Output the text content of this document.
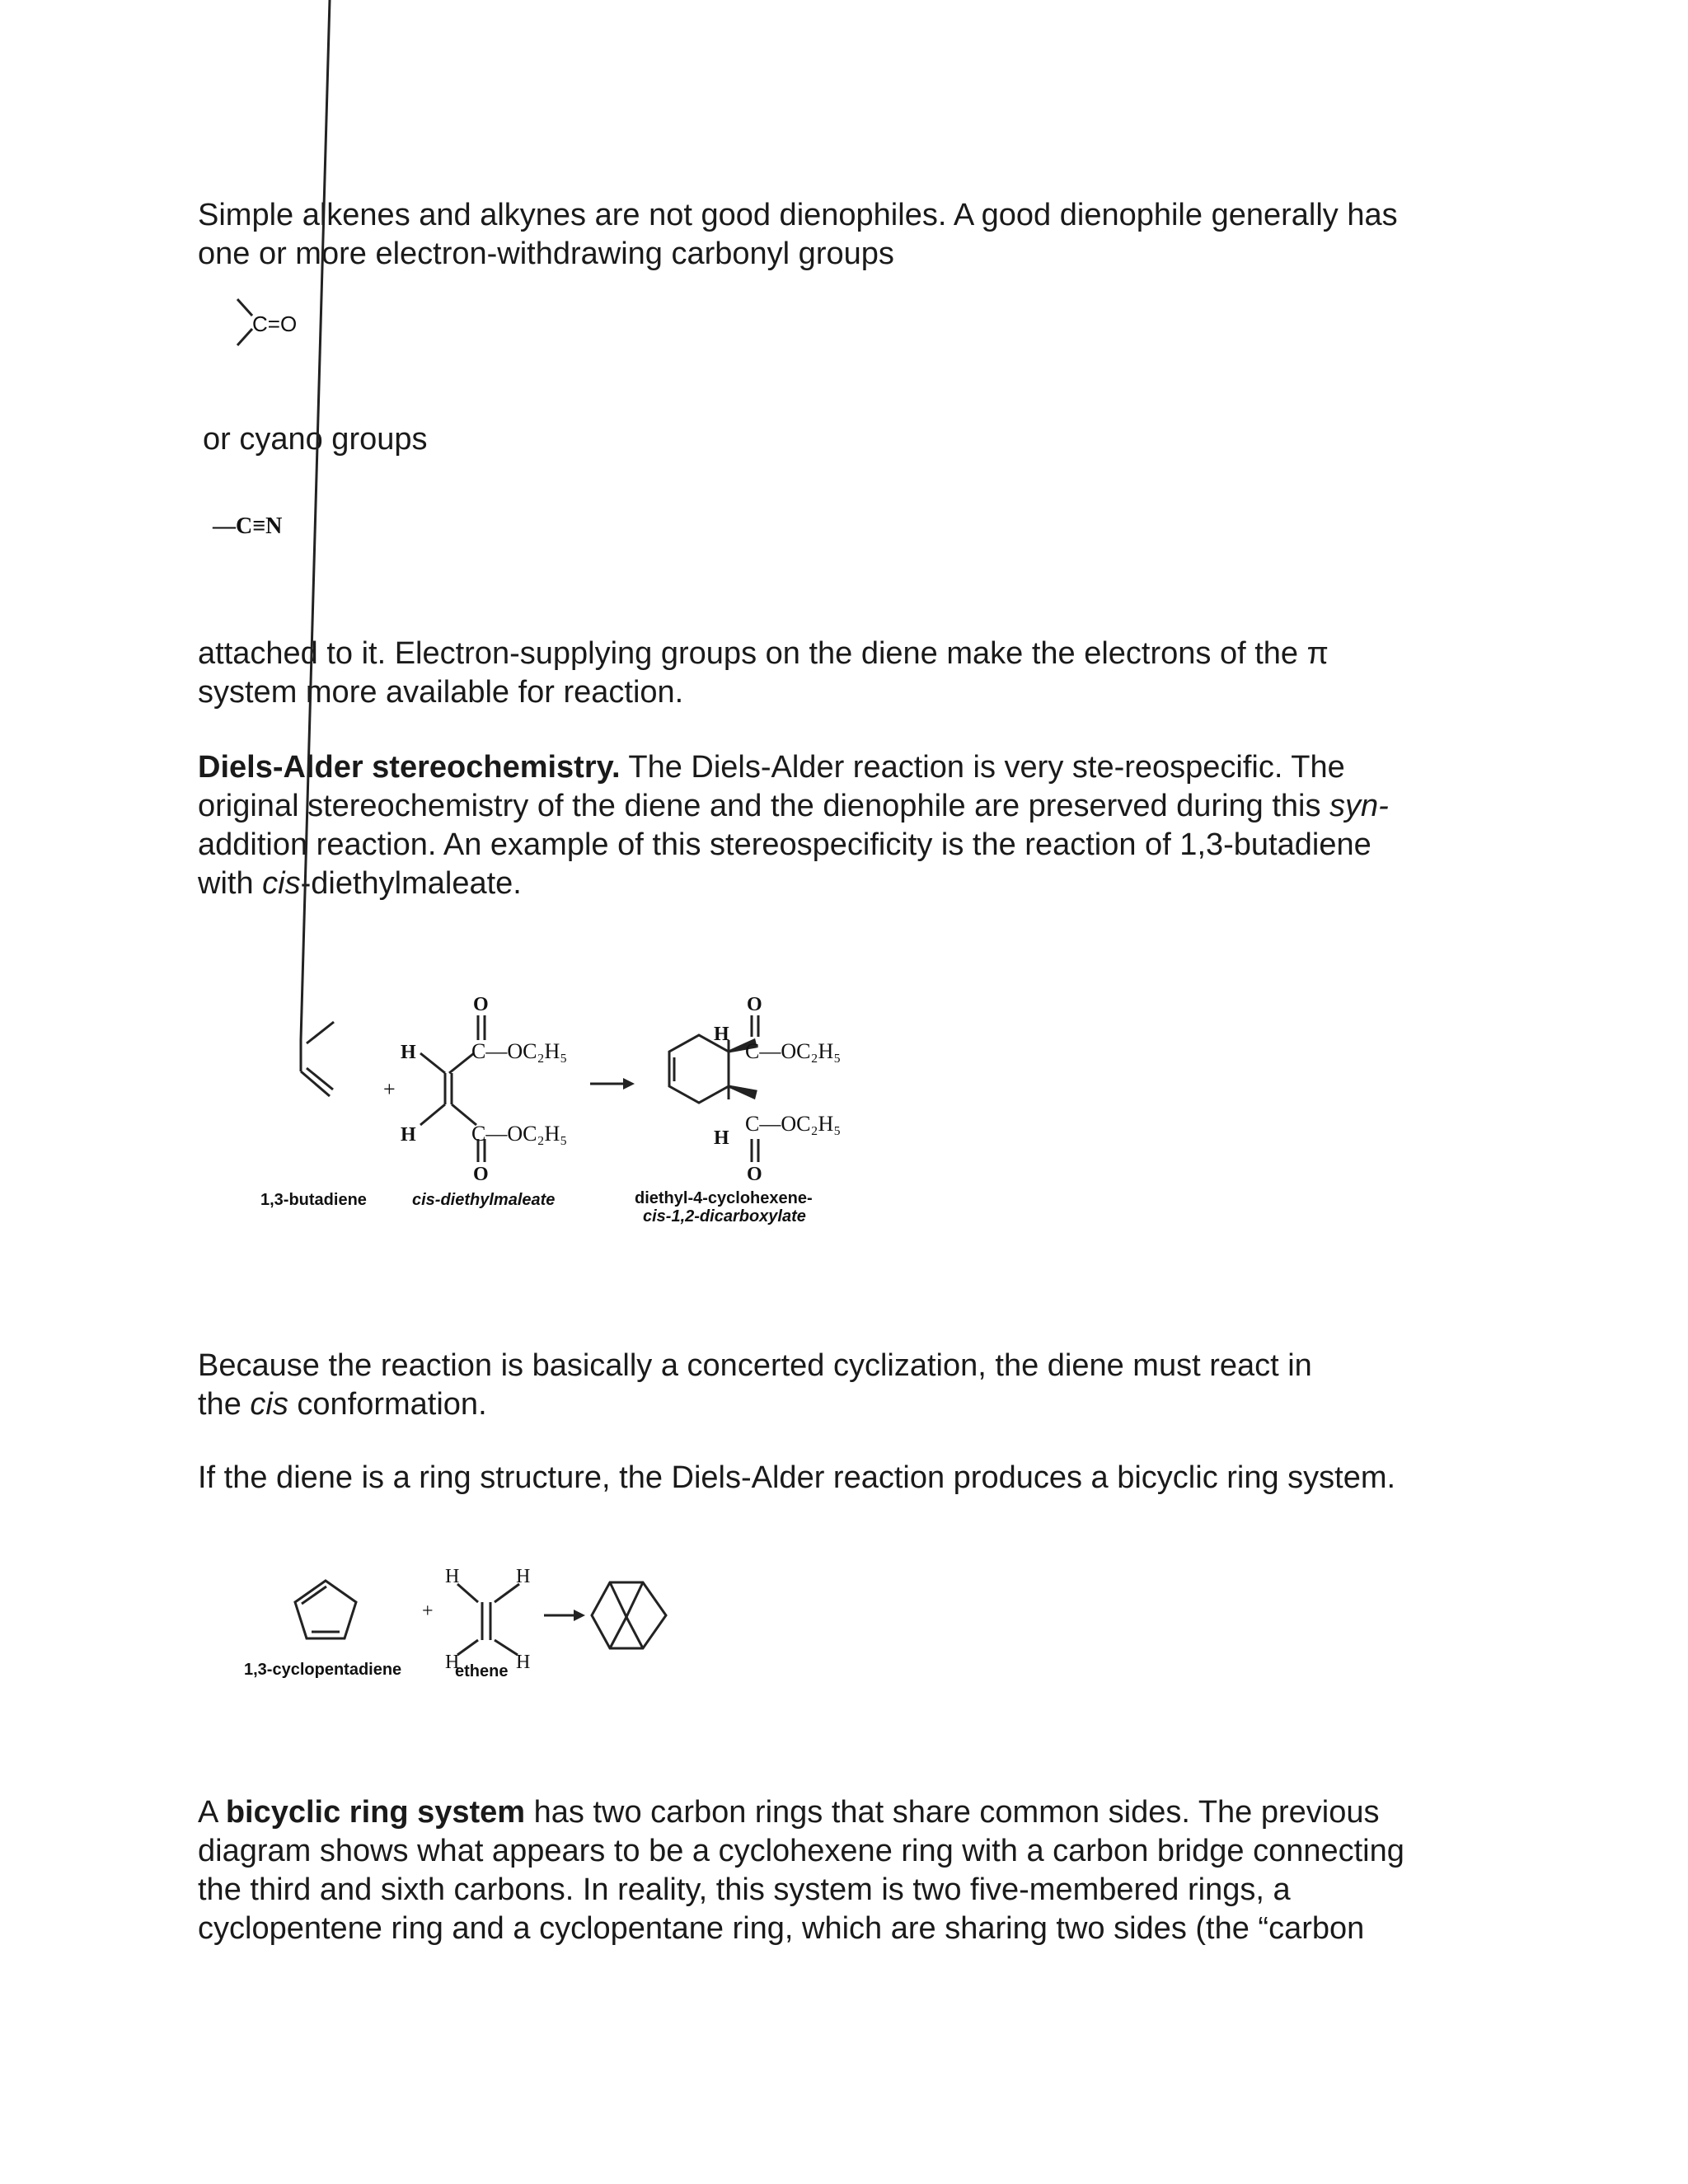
Simple alkenes and alkynes are not good dienophiles. A good dienophile generally has
one or more electron-withdrawing carbonyl groups

C=O

or cyano groups

—C≡N

attached to it. Electron-supplying groups on the diene make the electrons of the π
system more available for reaction.

Diels-Alder stereochemistry. The Diels-Alder reaction is very ste-reospecific. The
original stereochemistry of the diene and the dienophile are preserved during this syn-
addition reaction. An example of this stereospecificity is the reaction of 1,3-butadiene
with cis-diethylmaleate.

+
O
H	C—OC₂H₅
H	C—OC₂H₅
O
O
H
C—OC₂H₅
H
C—OC₂H₅
O
1,3-butadiene	cis-diethylmaleate	diethyl-4-cyclohexene-
cis-1,2-dicarboxylate

Because the reaction is basically a concerted cyclization, the diene must react in
the cis conformation.

If the diene is a ring structure, the Diels-Alder reaction produces a bicyclic ring system.

+
H	H
H	H
1,3-cyclopentadiene	ethene

A bicyclic ring system has two carbon rings that share common sides. The previous
diagram shows what appears to be a cyclohexene ring with a carbon bridge connecting
the third and sixth carbons. In reality, this system is two five-membered rings, a
cyclopentene ring and a cyclopentane ring, which are sharing two sides (the “carbon
